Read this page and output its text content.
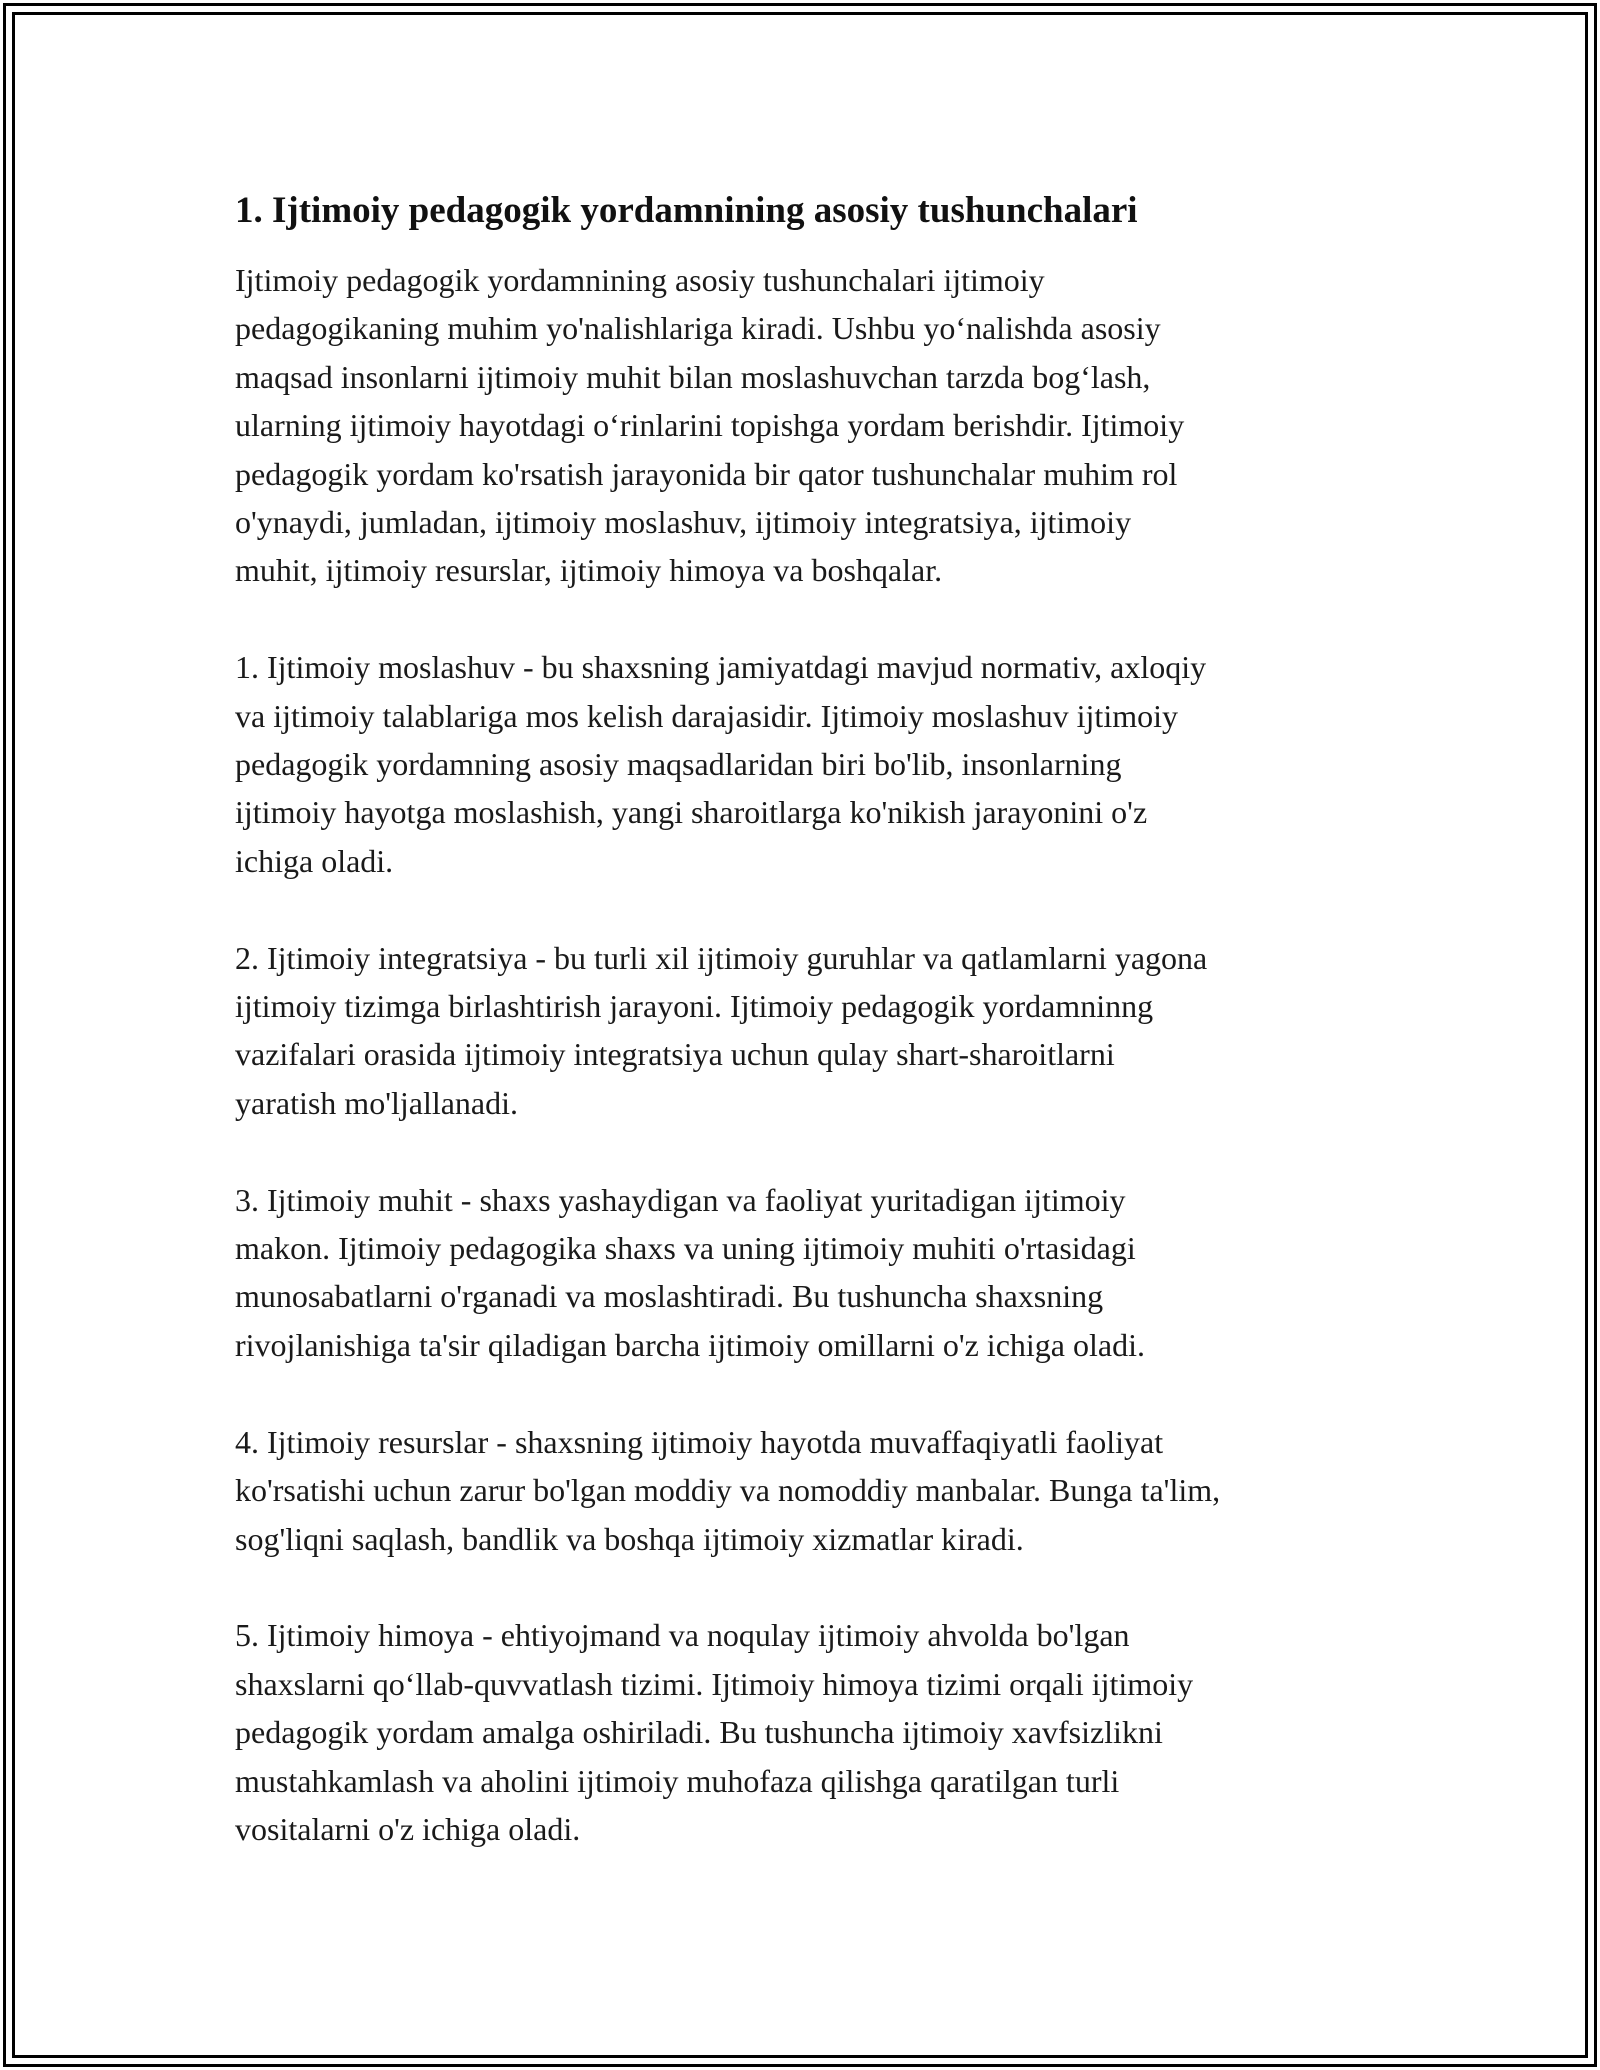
1. Ijtimoiy pedagogik yordamnining asosiy tushunchalari
Ijtimoiy pedagogik yordamnining asosiy tushunchalari ijtimoiy
pedagogikaning muhim yo'nalishlariga kiradi. Ushbu yo‘nalishda asosiy
maqsad insonlarni ijtimoiy muhit bilan moslashuvchan tarzda bog‘lash,
ularning ijtimoiy hayotdagi o‘rinlarini topishga yordam berishdir. Ijtimoiy
pedagogik yordam ko'rsatish jarayonida bir qator tushunchalar muhim rol
o'ynaydi, jumladan, ijtimoiy moslashuv, ijtimoiy integratsiya, ijtimoiy
muhit, ijtimoiy resurslar, ijtimoiy himoya va boshqalar.
1. Ijtimoiy moslashuv - bu shaxsning jamiyatdagi mavjud normativ, axloqiy
va ijtimoiy talablariga mos kelish darajasidir. Ijtimoiy moslashuv ijtimoiy
pedagogik yordamning asosiy maqsadlaridan biri bo'lib, insonlarning
ijtimoiy hayotga moslashish, yangi sharoitlarga ko'nikish jarayonini o'z
ichiga oladi.
2. Ijtimoiy integratsiya - bu turli xil ijtimoiy guruhlar va qatlamlarni yagona
ijtimoiy tizimga birlashtirish jarayoni. Ijtimoiy pedagogik yordamninng
vazifalari orasida ijtimoiy integratsiya uchun qulay shart-sharoitlarni
yaratish mo'ljallanadi.
3. Ijtimoiy muhit - shaxs yashaydigan va faoliyat yuritadigan ijtimoiy
makon. Ijtimoiy pedagogika shaxs va uning ijtimoiy muhiti o'rtasidagi
munosabatlarni o'rganadi va moslashtiradi. Bu tushuncha shaxsning
rivojlanishiga ta'sir qiladigan barcha ijtimoiy omillarni o'z ichiga oladi.
4. Ijtimoiy resurslar - shaxsning ijtimoiy hayotda muvaffaqiyatli faoliyat
ko'rsatishi uchun zarur bo'lgan moddiy va nomoddiy manbalar. Bunga ta'lim,
sog'liqni saqlash, bandlik va boshqa ijtimoiy xizmatlar kiradi.
5. Ijtimoiy himoya - ehtiyojmand va noqulay ijtimoiy ahvolda bo'lgan
shaxslarni qo‘llab-quvvatlash tizimi. Ijtimoiy himoya tizimi orqali ijtimoiy
pedagogik yordam amalga oshiriladi. Bu tushuncha ijtimoiy xavfsizlikni
mustahkamlash va aholini ijtimoiy muhofaza qilishga qaratilgan turli
vositalarni o'z ichiga oladi.
